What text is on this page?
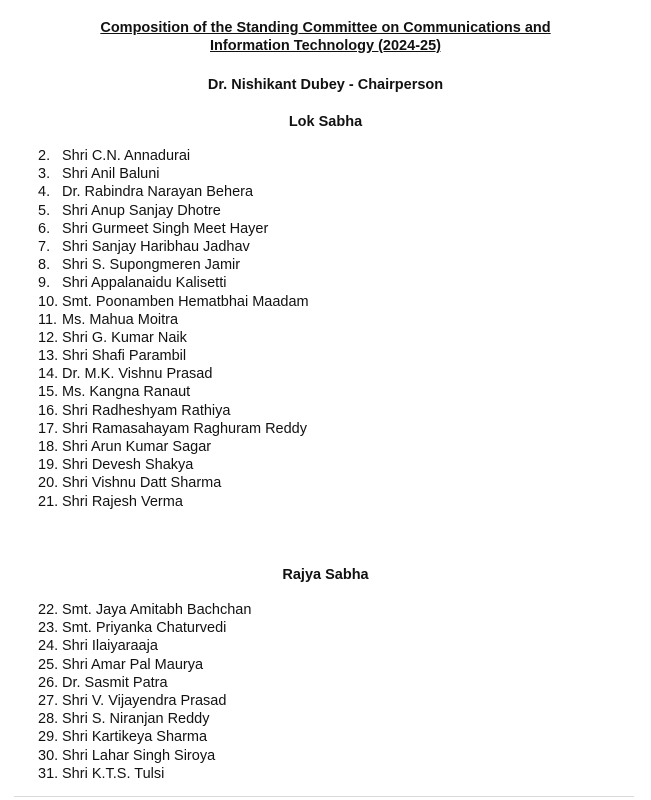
Composition of the Standing Committee on Communications and
Information Technology (2024-25)
Dr. Nishikant Dubey - Chairperson
Lok Sabha
2. Shri C.N. Annadurai
3. Shri Anil Baluni
4. Dr. Rabindra Narayan Behera
5. Shri Anup Sanjay Dhotre
6. Shri Gurmeet Singh Meet Hayer
7. Shri Sanjay Haribhau Jadhav
8. Shri S. Supongmeren Jamir
9. Shri Appalanaidu Kalisetti
10. Smt. Poonamben Hematbhai Maadam
11. Ms. Mahua Moitra
12. Shri G. Kumar Naik
13. Shri Shafi Parambil
14. Dr. M.K. Vishnu Prasad
15. Ms. Kangna Ranaut
16. Shri Radheshyam Rathiya
17. Shri Ramasahayam Raghuram Reddy
18. Shri Arun Kumar Sagar
19. Shri Devesh Shakya
20. Shri Vishnu Datt Sharma
21. Shri Rajesh Verma
Rajya Sabha
22. Smt. Jaya Amitabh Bachchan
23. Smt. Priyanka Chaturvedi
24. Shri Ilaiyaraaja
25. Shri Amar Pal Maurya
26. Dr. Sasmit Patra
27. Shri V. Vijayendra Prasad
28. Shri S. Niranjan Reddy
29. Shri Kartikeya Sharma
30. Shri Lahar Singh Siroya
31. Shri K.T.S. Tulsi
